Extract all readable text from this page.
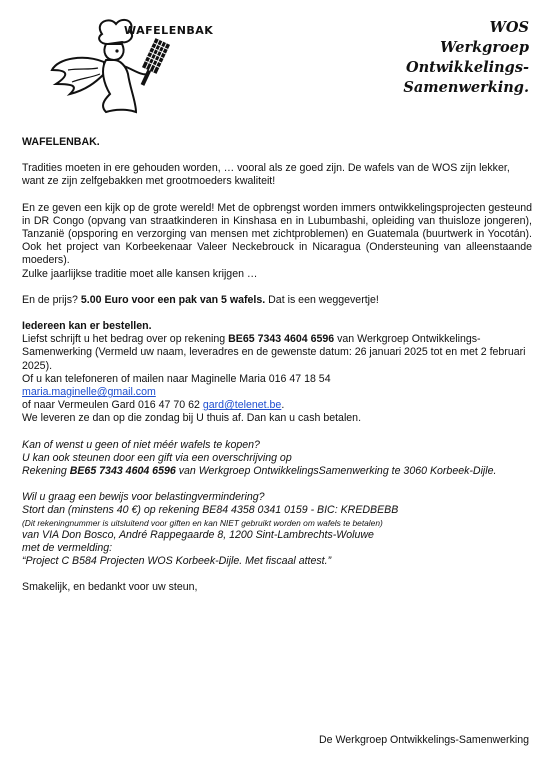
WAFELENBAK	WOS
Werkgroep
Ontwikkelings-
Samenwerking.

WAFELENBAK.

Tradities moeten in ere gehouden worden, … vooral als ze goed zijn. De wafels van de WOS zijn lekker, want ze zijn zelfgebakken met grootmoeders kwaliteit!

En ze geven een kijk op de grote wereld! Met de opbrengst worden immers ontwikkelingsprojecten gesteund in DR Congo (opvang van straatkinderen in Kinshasa en in Lubumbashi, opleiding van thuisloze jongeren), Tanzanië (opsporing en verzorging van mensen met zichtproblemen) en Guatemala (buurtwerk in Yocotán). Ook het project van Korbeekenaar Valeer Neckebrouck in Nicaragua (Ondersteuning van alleenstaande moeders).

Zulke jaarlijkse traditie moet alle kansen krijgen …

En de prijs? 5.00 Euro voor een pak van 5 wafels. Dat is een weggevertje!

Iedereen kan er bestellen.

Liefst schrijft u het bedrag over op rekening BE65 7343 4604 6596 van Werkgroep Ontwikkelings-Samenwerking (Vermeld uw naam, leveradres en de gewenste datum: 26 januari 2025 tot en met 2 februari 2025).

Of u kan telefoneren of mailen naar Maginelle Maria 016 47 18 54

maria.maginelle@gmail.com

of naar Vermeulen Gard 016 47 70 62 gard@telenet.be.

We leveren ze dan op die zondag bij U thuis af. Dan kan u cash betalen.

Kan of wenst u geen of niet méér wafels te kopen?

U kan ook steunen door een gift via een overschrijving op

Rekening BE65 7343 4604 6596 van Werkgroep OntwikkelingsSamenwerking te 3060 Korbeek-Dijle.

Wil u graag een bewijs voor belastingvermindering?

Stort dan (minstens 40 €) op rekening BE84 4358 0341 0159 - BIC: KREDBEBB

(Dit rekeningnummer is uitsluitend voor giften en kan NIET gebruikt worden om wafels te betalen)

van VIA Don Bosco, André Rappegaarde 8, 1200 Sint-Lambrechts-Woluwe

met de vermelding:

“Project C B584 Projecten WOS Korbeek-Dijle. Met fiscaal attest.”

Smakelijk, en bedankt voor uw steun,

De Werkgroep Ontwikkelings-Samenwerking
